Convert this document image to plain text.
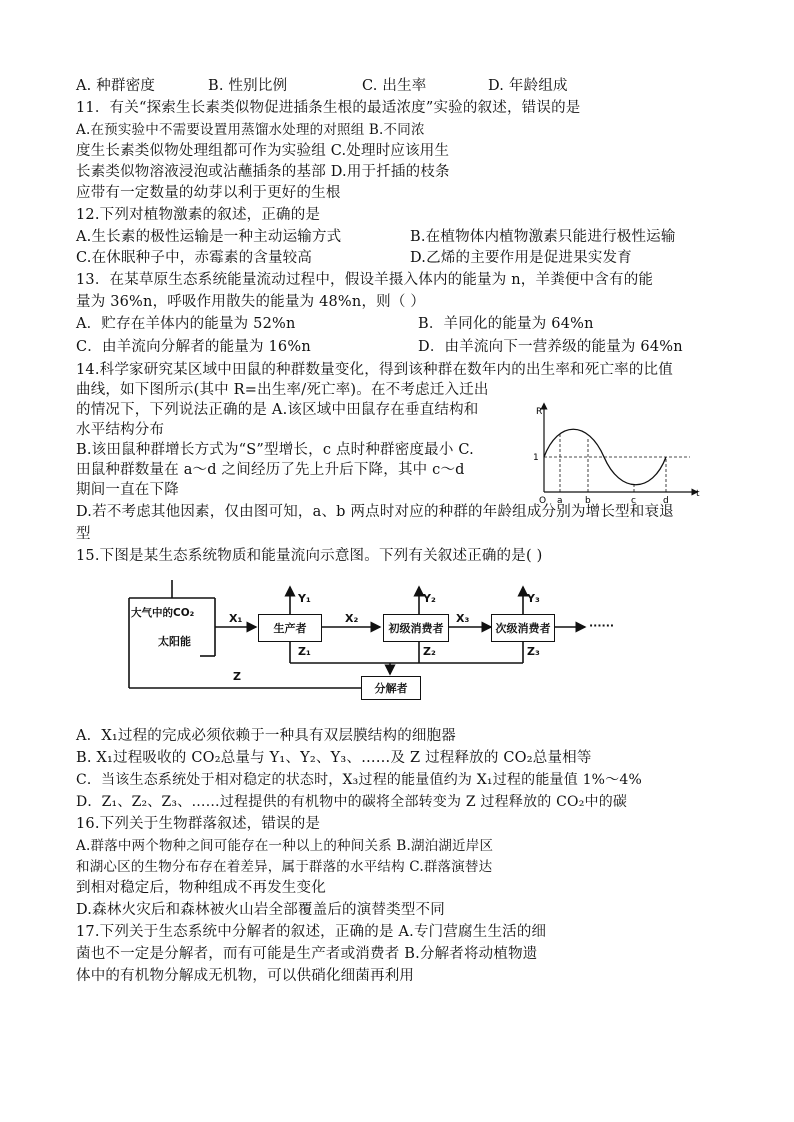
A. 种群密度	B. 性别比例	C. 出生率	D. 年龄组成
11．有关“探索生长素类似物促进插条生根的最适浓度”实验的叙述，错误的是
A.在预实验中不需要设置用蒸馏水处理的对照组 B.不同浓
度生长素类似物处理组都可作为实验组 C.处理时应该用生
长素类似物溶液浸泡或沾蘸插条的基部 D.用于扦插的枝条
应带有一定数量的幼芽以利于更好的生根
12.下列对植物激素的叙述，正确的是
A.生长素的极性运输是一种主动运输方式	B.在植物体内植物激素只能进行极性运输
C.在休眠种子中，赤霉素的含量较高	D.乙烯的主要作用是促进果实发育
13．在某草原生态系统能量流动过程中，假设羊摄入体内的能量为 n，羊粪便中含有的能
量为 36%n，呼吸作用散失的能量为 48%n，则（ ）
A．贮存在羊体内的能量为 52%n	B．羊同化的能量为 64%n
C．由羊流向分解者的能量为 16%n	D．由羊流向下一营养级的能量为 64%n
14.科学家研究某区域中田鼠的种群数量变化，得到该种群在数年内的出生率和死亡率的比值
曲线，如下图所示(其中 R=出生率/死亡率)。在不考虑迁入迁出
的情况下，下列说法正确的是 A.该区域中田鼠存在垂直结构和
水平结构分布
B.该田鼠种群增长方式为“S”型增长，c 点时种群密度最小 C.
田鼠种群数量在 a～d 之间经历了先上升后下降，其中 c～d
期间一直在下降
D.若不考虑其他因素，仅由图可知，a、b 两点时对应的种群的年龄组成分别为增长型和衰退
型
R
1
O a b	c	d
t
15.下图是某生态系统物质和能量流向示意图。下列有关叙述正确的是( )
大气中的CO₂
太阳能
生产者	初级消费者	次级消费者
分解者
X₁	X₂	X₃
Y₁	Y₂	Y₃
Z₁	Z₂	Z₃
Z
······
A．X₁过程的完成必须依赖于一种具有双层膜结构的细胞器
B. X₁过程吸收的 CO₂总量与 Y₁、Y₂、Y₃、……及 Z 过程释放的 CO₂总量相等
C．当该生态系统处于相对稳定的状态时，X₃过程的能量值约为 X₁过程的能量值 1%～4%
D．Z₁、Z₂、Z₃、……过程提供的有机物中的碳将全部转变为 Z 过程释放的 CO₂中的碳
16.下列关于生物群落叙述，错误的是
A.群落中两个物种之间可能存在一种以上的种间关系 B.湖泊湖近岸区
和湖心区的生物分布存在着差异，属于群落的水平结构 C.群落演替达
到相对稳定后，物种组成不再发生变化
D.森林火灾后和森林被火山岩全部覆盖后的演替类型不同
17.下列关于生态系统中分解者的叙述，正确的是 A.专门营腐生生活的细
菌也不一定是分解者，而有可能是生产者或消费者 B.分解者将动植物遗
体中的有机物分解成无机物，可以供硝化细菌再利用
